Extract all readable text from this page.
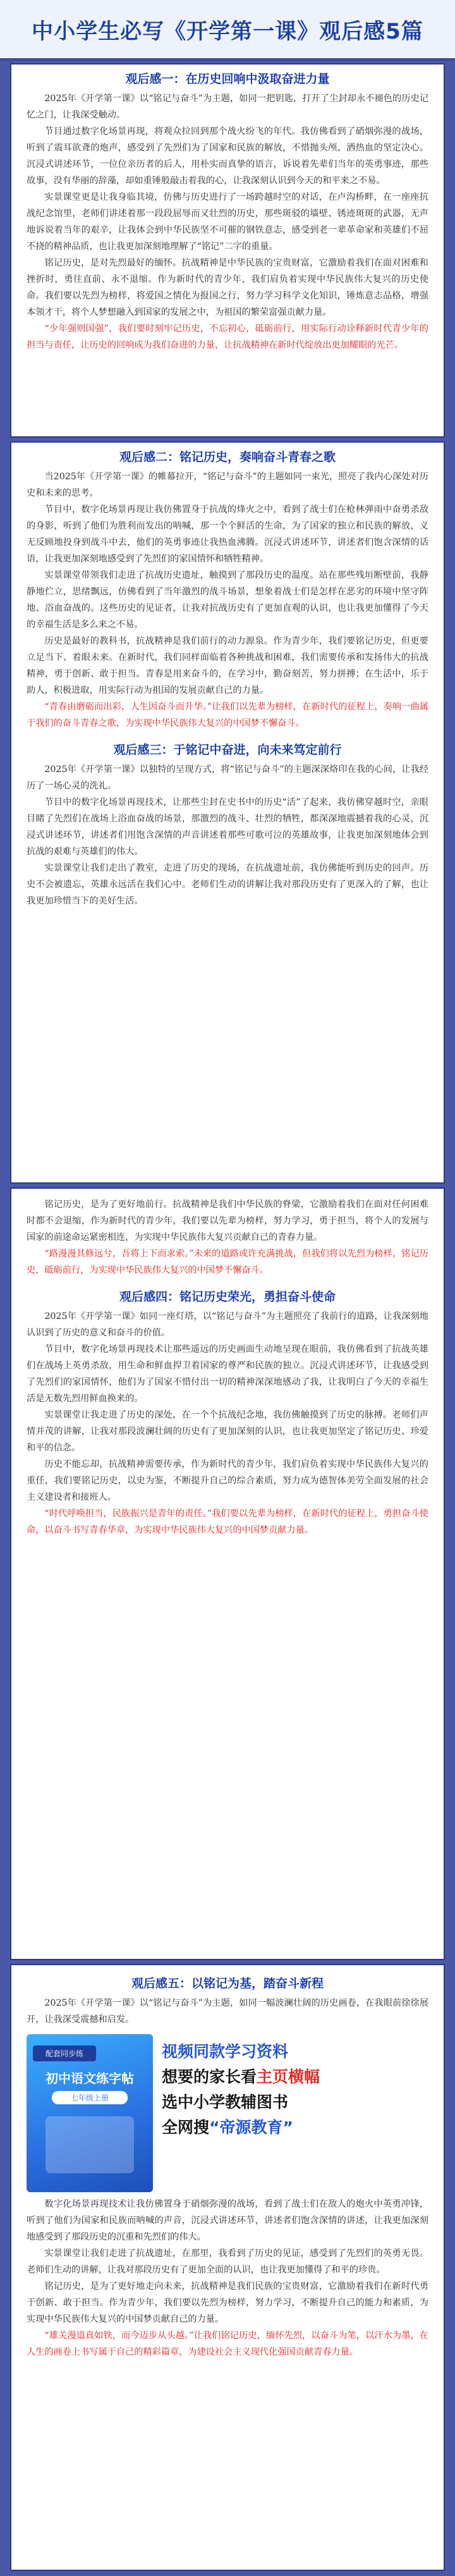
中小学生必写《开学第一课》观后感5篇
观后感一：在历史回响中汲取奋进力量

2025年《开学第一课》以“铭记与奋斗”为主题，如同一把钥匙，打开了尘封却永不褪色的历史记忆之门，让我深受触动。

节目通过数字化场景再现，将观众拉回到那个战火纷飞的年代。我仿佛看到了硝烟弥漫的战场，听到了震耳欲聋的炮声，感受到了先烈们为了国家和民族的解放，不惜抛头颅、洒热血的坚定决心。沉浸式讲述环节，一位位亲历者的后人，用朴实而真挚的语言，诉说着先辈们当年的英勇事迹，那些故事，没有华丽的辞藻，却如重锤般敲击着我的心，让我深刻认识到今天的和平来之不易。

实景课堂更是让我身临其境，仿佛与历史进行了一场跨越时空的对话，在卢沟桥畔，在一座座抗战纪念馆里，老师们讲述着那一段段屈辱而又壮烈的历史，那些斑驳的墙壁、锈迹斑斑的武器，无声地诉说着当年的艰辛，让我体会到中华民族坚不可摧的钢铁意志，感受到老一辈革命家和英雄们不屈不挠的精神品质，也让我更加深刻地理解了“铭记”二字的重量。

铭记历史，是对先烈最好的缅怀。抗战精神是中华民族的宝贵财富，它激励着我们在面对困难和挫折时，勇往直前、永不退缩。作为新时代的青少年，我们肩负着实现中华民族伟大复兴的历史使命。我们要以先烈为榜样，将爱国之情化为报国之行，努力学习科学文化知识，锤炼意志品格，增强本领才干，将个人梦想融入到国家的发展之中，为祖国的繁荣富强贡献力量。

“少年强则国强”，我们要时刻牢记历史，不忘初心，砥砺前行，用实际行动诠释新时代青少年的担当与责任，让历史的回响成为我们奋进的力量，让抗战精神在新时代绽放出更加耀眼的光芒。

观后感二：铭记历史，奏响奋斗青春之歌

当2025年《开学第一课》的帷幕拉开，“铭记与奋斗”的主题如同一束光，照亮了我内心深处对历史和未来的思考。

节目中，数字化场景再现让我仿佛置身于抗战的烽火之中，看到了战士们在枪林弹雨中奋勇杀敌的身影，听到了他们为胜利而发出的呐喊，那一个个鲜活的生命，为了国家的独立和民族的解放，义无反顾地投身到战斗中去，他们的英勇事迹让我热血沸腾。沉浸式讲述环节，讲述者们饱含深情的话语，让我更加深刻地感受到了先烈们的家国情怀和牺牲精神。

实景课堂带领我们走进了抗战历史遗址，触摸到了那段历史的温度。站在那些残垣断壁前，我静静地伫立，思绪飘远，仿佛看到了当年激烈的战斗场景，想象着战士们是怎样在恶劣的环境中坚守阵地、浴血奋战的。这些历史的见证者，让我对抗战历史有了更加直观的认识，也让我更加懂得了今天的幸福生活是多么来之不易。

历史是最好的教科书，抗战精神是我们前行的动力源泉。作为青少年，我们要铭记历史，但更要立足当下、着眼未来。在新时代，我们同样面临着各种挑战和困难，我们需要传承和发扬伟大的抗战精神，勇于创新、敢于担当。青春是用来奋斗的，在学习中，勤奋刻苦，努力拼搏；在生活中，乐于助人，积极进取，用实际行动为祖国的发展贡献自己的力量。

“青春由磨砺而出彩，人生因奋斗而升华。”让我们以先辈为榜样，在新时代的征程上，奏响一曲属于我们的奋斗青春之歌，为实现中华民族伟大复兴的中国梦不懈奋斗。

观后感三：于铭记中奋进，向未来笃定前行

2025年《开学第一课》以独特的呈现方式，将“铭记与奋斗”的主题深深烙印在我的心间，让我经历了一场心灵的洗礼。

节目中的数字化场景再现技术，让那些尘封在史书中的历史“活”了起来，我仿佛穿越时空，亲眼目睹了先烈们在战场上浴血奋战的场景，那激烈的战斗、壮烈的牺牲，都深深地震撼着我的心灵，沉浸式讲述环节，讲述者们用饱含深情的声音讲述着那些可歌可泣的英雄故事，让我更加深刻地体会到抗战的艰难与英雄们的伟大。

实景课堂让我们走出了教室，走进了历史的现场，在抗战遗址前，我仿佛能听到历史的回声。历史不会被遗忘，英雄永远活在我们心中。老师们生动的讲解让我对那段历史有了更深入的了解，也让我更加珍惜当下的美好生活。

铭记历史，是为了更好地前行。抗战精神是我们中华民族的脊梁，它激励着我们在面对任何困难时都不会退缩，作为新时代的青少年，我们要以先辈为榜样，努力学习，勇于担当，将个人的发展与国家的前途命运紧密相连，为实现中华民族伟大复兴贡献自己的青春力量。

“路漫漫其修远兮，吾将上下而求索。”未来的道路或许充满挑战，但我们将以先烈为榜样，铭记历史，砥砺前行，为实现中华民族伟大复兴的中国梦不懈奋斗。

观后感四：铭记历史荣光，勇担奋斗使命

2025年《开学第一课》如同一座灯塔，以“铭记与奋斗”为主题照亮了我前行的道路，让我深刻地认识到了历史的意义和奋斗的价值。

节目中，数字化场景再现技术让那些遥远的历史画面生动地呈现在眼前，我仿佛看到了抗战英雄们在战场上英勇杀敌，用生命和鲜血捍卫着国家的尊严和民族的独立。沉浸式讲述环节，让我感受到了先烈们的家国情怀，他们为了国家不惜付出一切的精神深深地感动了我，让我明白了今天的幸福生活是无数先烈用鲜血换来的。

实景课堂让我走进了历史的深处，在一个个抗战纪念地，我仿佛触摸到了历史的脉搏。老师们声情并茂的讲解，让我对那段波澜壮阔的历史有了更加深刻的认识，也让我更加坚定了铭记历史、珍爱和平的信念。

历史不能忘却，抗战精神需要传承，作为新时代的青少年，我们肩负着实现中华民族伟大复兴的重任，我们要铭记历史，以史为鉴，不断提升自己的综合素质，努力成为德智体美劳全面发展的社会主义建设者和接班人。

“时代呼唤担当，民族振兴是青年的责任。”我们要以先辈为榜样，在新时代的征程上，勇担奋斗使命，以奋斗书写青春华章，为实现中华民族伟大复兴的中国梦贡献力量。

观后感五：以铭记为基，踏奋斗新程

2025年《开学第一课》以“铭记与奋斗”为主题，如同一幅波澜壮阔的历史画卷，在我眼前徐徐展开，让我深受震撼和启发。

配套同步练
初中语文练字帖
七年级上册
视频同款学习资料
想要的家长看主页横幅
选中小学教辅图书
全网搜“帝源教育”

数字化场景再现技术让我仿佛置身于硝烟弥漫的战场，看到了战士们在敌人的炮火中英勇冲锋，听到了他们为国家和民族而呐喊的声音，沉浸式讲述环节，讲述者们饱含深情的讲述，让我更加深刻地感受到了那段历史的沉重和先烈们的伟大。

实景课堂让我们走进了抗战遗址，在那里，我看到了历史的见证，感受到了先烈们的英勇无畏。老师们生动的讲解，让我对那段历史有了更加全面的认识，也让我更加懂得了和平的珍贵。

铭记历史，是为了更好地走向未来，抗战精神是我们民族的宝贵财富，它激励着我们在新时代勇于创新、敢于担当。作为青少年，我们要以先烈为榜样，努力学习，不断提升自己的能力和素质，为实现中华民族伟大复兴的中国梦贡献自己的力量。

“雄关漫道真如铁，而今迈步从头越。”让我们铭记历史，缅怀先烈，以奋斗为笔，以汗水为墨，在人生的画卷上书写属于自己的精彩篇章，为建设社会主义现代化强国贡献青春力量。
